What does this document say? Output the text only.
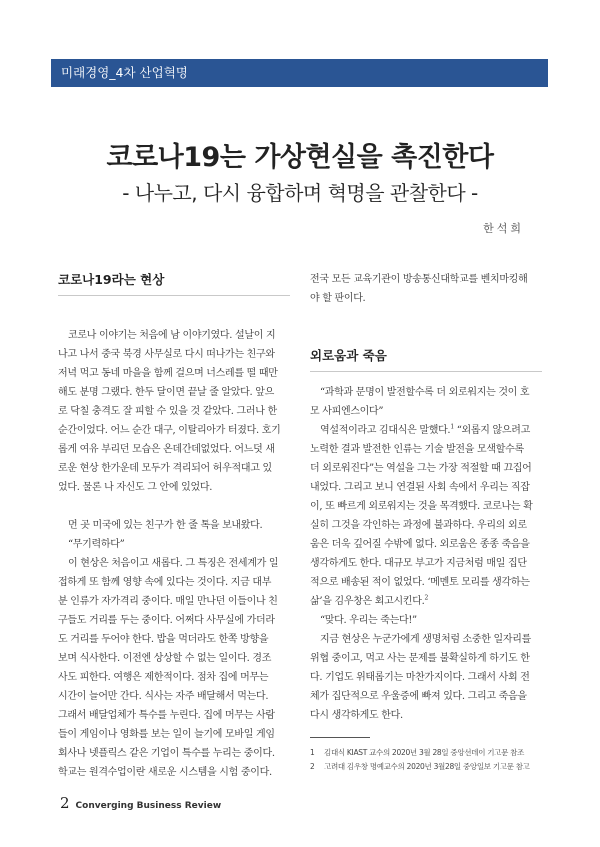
미래경영_4차 산업혁명
코로나19는 가상현실을 촉진한다
- 나누고, 다시 융합하며 혁명을 관찰한다 -
한석희
코로나19라는 현상
코로나 이야기는 처음에 남 이야기였다. 설날이 지
나고 나서 중국 북경 사무실로 다시 떠나가는 친구와
저녁 먹고 동네 마을을 함께 걸으며 너스레를 떨 때만
해도 분명 그랬다. 한두 달이면 끝날 줄 알았다. 앞으
로 닥칠 충격도 잘 피할 수 있을 것 같았다. 그러나 한
순간이었다. 어느 순간 대구, 이탈리아가 터졌다. 호기
롭게 여유 부리던 모습은 온데간데없었다. 어느덧 새
로운 현상 한가운데 모두가 격리되어 허우적대고 있
었다. 물론 나 자신도 그 안에 있었다.
먼 곳 미국에 있는 친구가 한 줄 톡을 보내왔다.
“무기력하다”
이 현상은 처음이고 새롭다. 그 특징은 전세계가 일
접하게 또 함께 영향 속에 있다는 것이다. 지금 대부
분 인류가 자가격리 중이다. 매일 만나던 이들이나 친
구들도 거리를 두는 중이다. 어쩌다 사무실에 가더라
도 거리를 두어야 한다. 밥을 먹더라도 한쪽 방향을
보며 식사한다. 이전엔 상상할 수 없는 일이다. 경조
사도 피한다. 여행은 제한적이다. 점차 집에 머무는
시간이 늘어만 간다. 식사는 자주 배달해서 먹는다.
그래서 배달업체가 특수를 누린다. 집에 머무는 사람
들이 게임이나 영화를 보는 일이 늘기에 모바일 게임
회사나 넷플릭스 같은 기업이 특수를 누리는 중이다.
학교는 원격수업이란 새로운 시스템을 시험 중이다.
전국 모든 교육기관이 방송통신대학교를 벤치마킹해
야 할 판이다.
외로움과 죽음
“과학과 문명이 발전할수록 더 외로워지는 것이 호
모 사피엔스이다”
역설적이라고 김대식은 말했다.$^1$ “외롭지 않으려고
노력한 결과 발전한 인류는 기술 발전을 모색할수록
더 외로워진다”는 역설을 그는 가장 적절할 때 끄집어
내었다. 그리고 보니 연결된 사회 속에서 우리는 직잡
이, 또 빠르게 외로워지는 것을 목격했다. 코로나는 확
실히 그것을 각인하는 과정에 불과하다. 우리의 외로
움은 더욱 깊어질 수밖에 없다. 외로움은 종종 죽음을
생각하게도 한다. 대규모 부고가 지금처럼 매일 집단
적으로 배송된 적이 없었다. ‘메멘토 모리를 생각하는
삶’을 김우창은 회고시킨다.$^2$
“맞다. 우리는 죽는다!”
지금 현상은 누군가에게 생명처럼 소중한 일자리를
위협 중이고, 먹고 사는 문제를 불확실하게 하기도 한
다. 기업도 위태롭기는 마찬가지이다. 그래서 사회 전
체가 집단적으로 우울증에 빠져 있다. 그리고 죽음을
다시 생각하게도 한다.
1 김대식 KIAST 교수의 2020년 3월 28일 중앙선데이 기고문 참조
2 고려대 김우창 명예교수의 2020년 3월28일 중앙일보 기고문 참고
2 Converging Business Review
